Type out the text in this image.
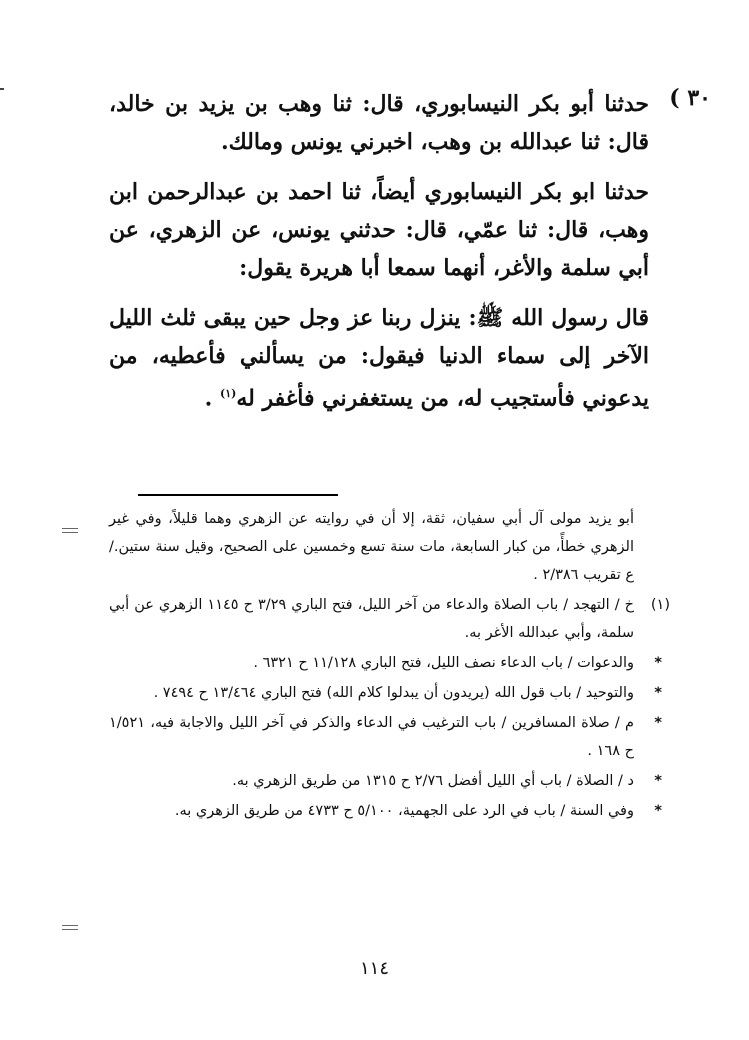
٣٠ )

حدثنا أبو بكر النيسابوري، قال: ثنا وهب بن يزيد بن خالد، قال: ثنا عبدالله بن وهب، اخبرني يونس ومالك.

حدثنا ابو بكر النيسابوري أيضاً، ثنا احمد بن عبدالرحمن ابن وهب، قال: ثنا عمّي، قال: حدثني يونس، عن الزهري، عن أبي سلمة والأغر، أنهما سمعا أبا هريرة يقول:

قال رسول الله ﷺ: ينزل ربنا عز وجل حين يبقى ثلث الليل الآخر إلى سماء الدنيا فيقول: من يسألني فأعطيه، من يدعوني فأستجيب له، من يستغفرني فأغفر له$^{(١)}$ .

أبو يزيد مولى آل أبي سفيان، ثقة، إلا أن في روايته عن الزهري وهما قليلاً، وفي غير الزهري خطأً، من كبار السابعة، مات سنة تسع وخمسين على الصحيح، وقيل سنة ستين./ع تقريب ٢/٣٨٦ .

(١)

خ / التهجد / باب الصلاة والدعاء من آخر الليل، فتح الباري ٣/٢٩ ح ١١٤٥ الزهري عن أبي سلمة، وأبي عبدالله الأغر به.

*

والدعوات / باب الدعاء نصف الليل، فتح الباري ١١/١٢٨ ح ٦٣٢١ .

*

والتوحيد / باب قول الله (يريدون أن يبدلوا كلام الله) فتح الباري ١٣/٤٦٤ ح ٧٤٩٤ .

*

م / صلاة المسافرين / باب الترغيب في الدعاء والذكر في آخر الليل والاجابة فيه، ١/٥٢١ ح ١٦٨ .

*

د / الصلاة / باب أي الليل أفضل ٢/٧٦ ح ١٣١٥ من طريق الزهري به.

*

وفي السنة / باب في الرد على الجهمية، ٥/١٠٠ ح ٤٧٣٣ من طريق الزهري به.

١١٤
